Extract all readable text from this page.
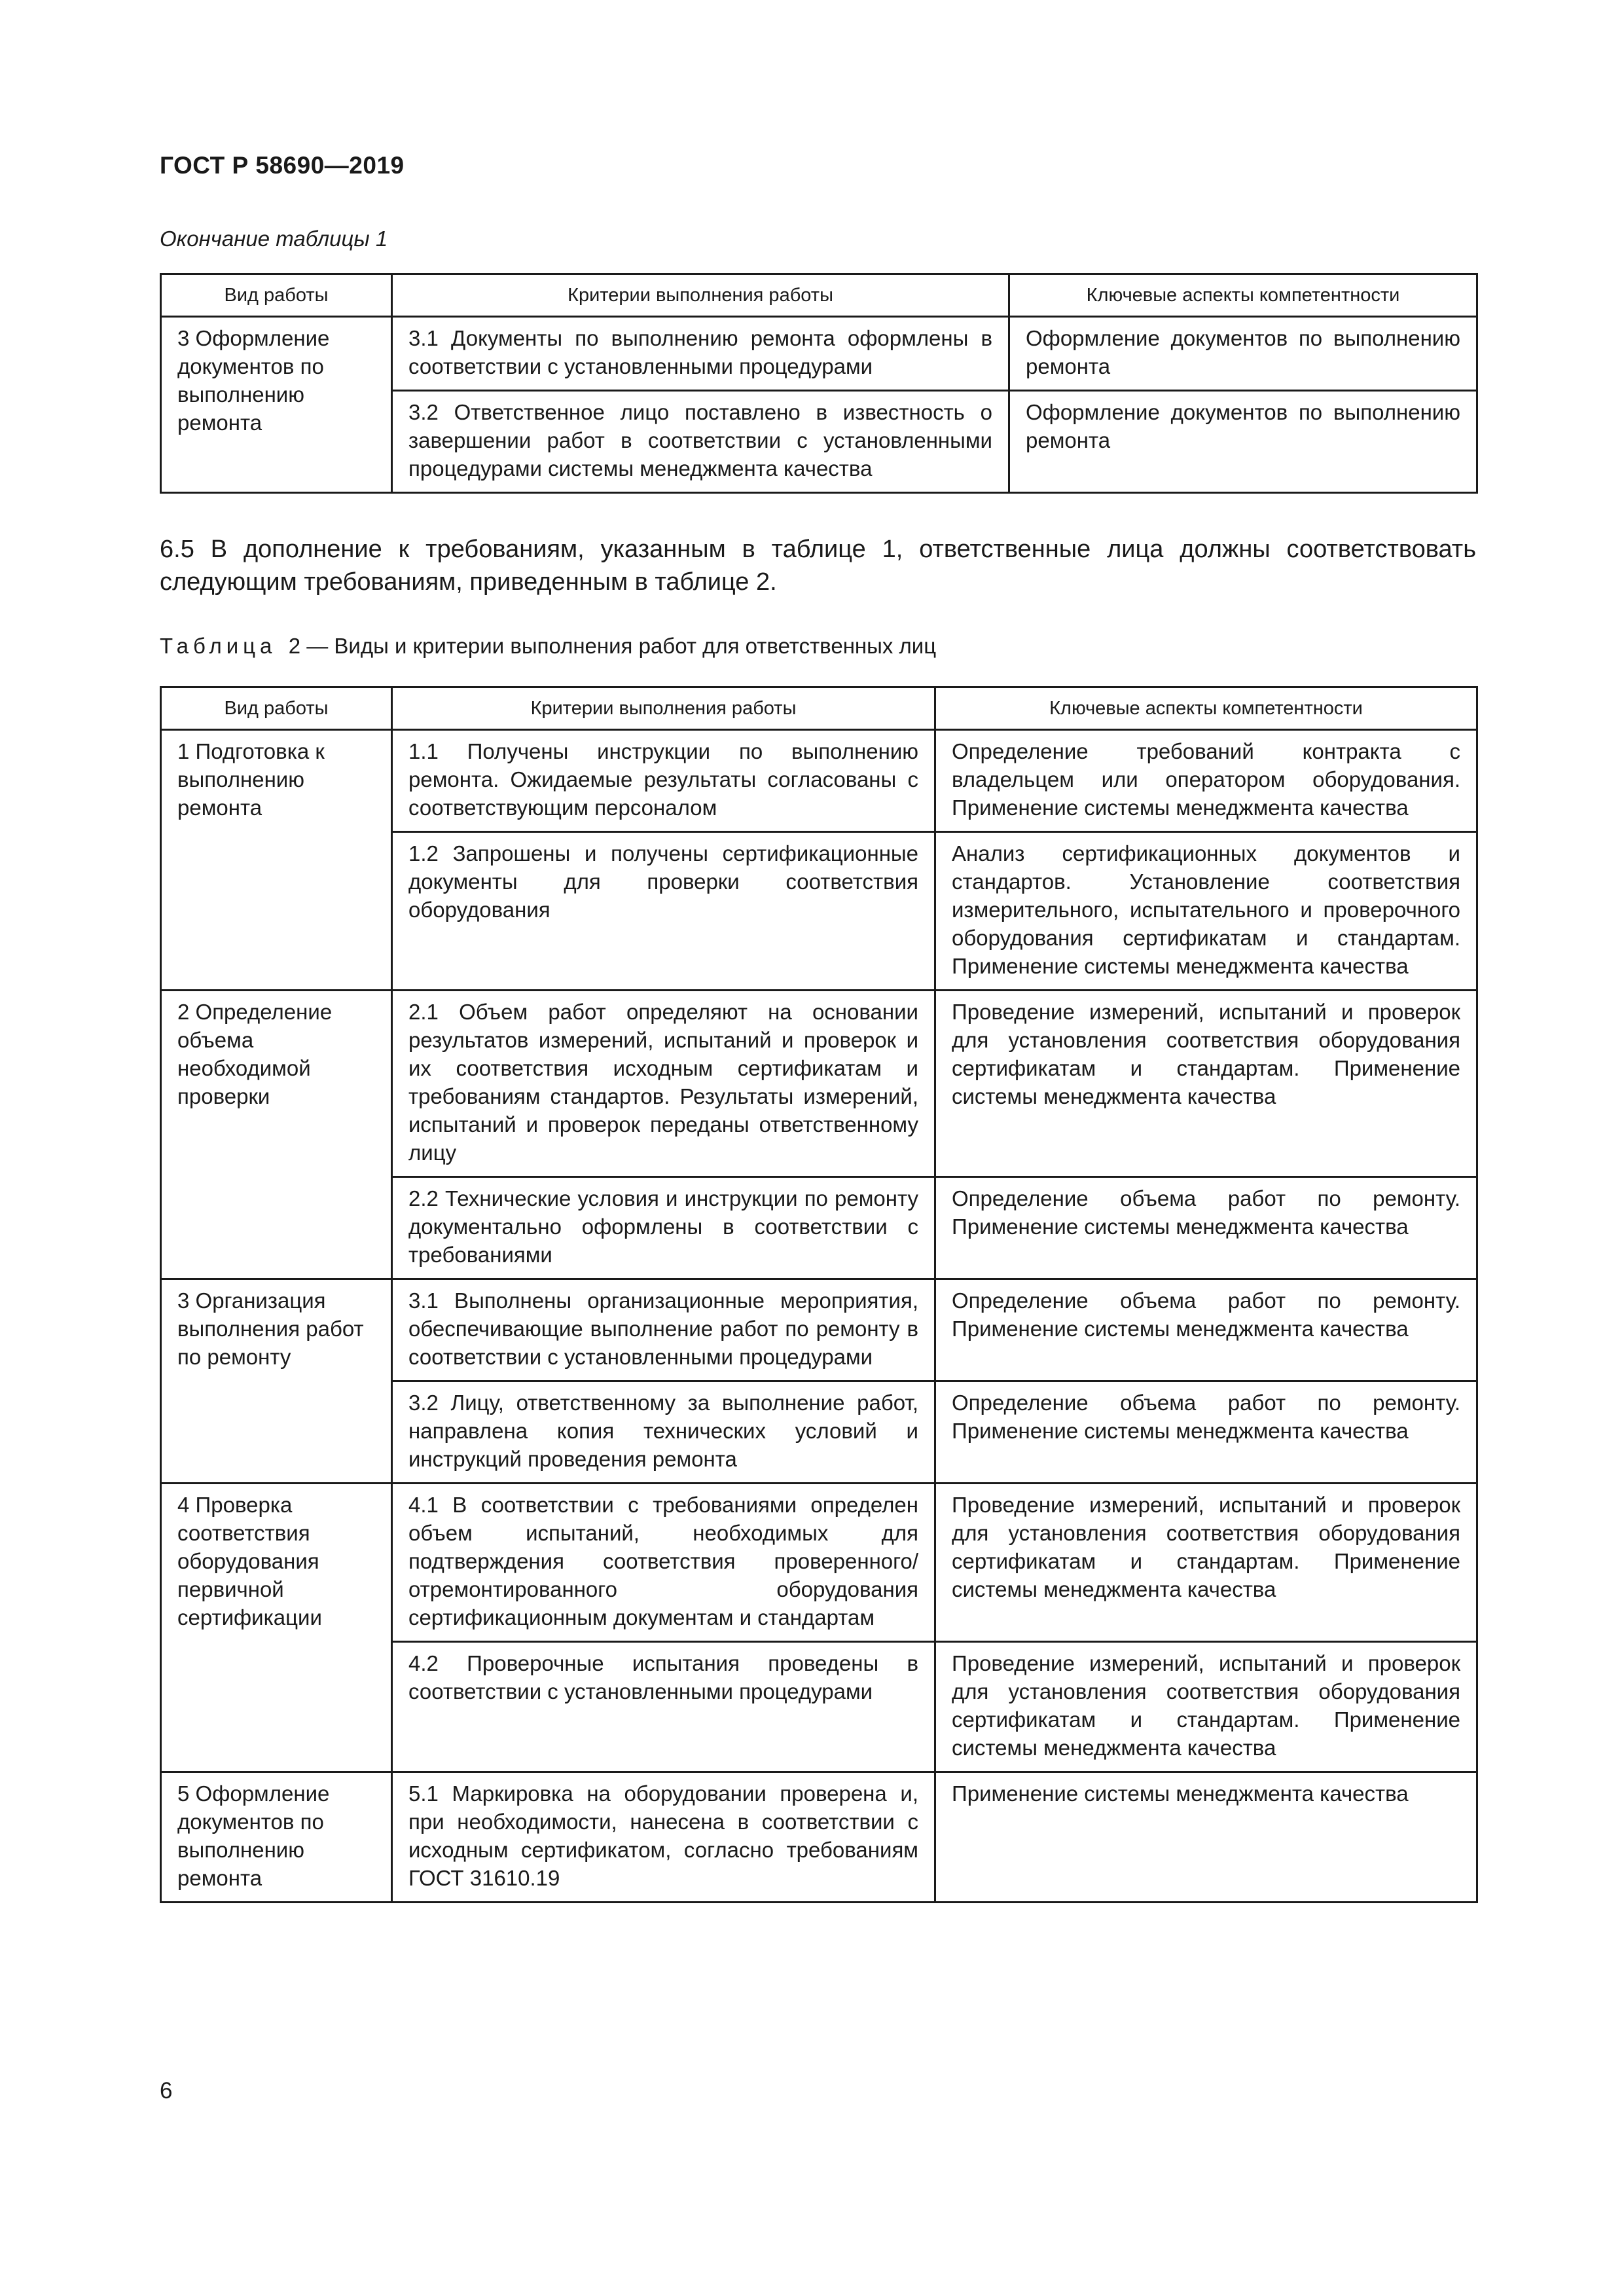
ГОСТ Р 58690—2019
Окончание таблицы 1
Вид работы	Критерии выполнения работы	Ключевые аспекты компетентности
3 Оформление документов по выполнению ремонта	3.1 Документы по выполнению ремонта оформлены в соответствии с установленными процедурами	Оформление документов по выполнению ремонта
	3.2 Ответственное лицо поставлено в известность о завершении работ в соответствии с установленными процедурами системы менеджмента качества	Оформление документов по выполнению ремонта
6.5 В дополнение к требованиям, указанным в таблице 1, ответственные лица должны соответствовать следующим требованиям, приведенным в таблице 2.
Таблица 2 — Виды и критерии выполнения работ для ответственных лиц
Вид работы	Критерии выполнения работы	Ключевые аспекты компетентности
1 Подготовка к выполнению ремонта	1.1 Получены инструкции по выполнению ремонта. Ожидаемые результаты согласованы с соответствующим персоналом	Определение требований контракта с владельцем или оператором оборудования. Применение системы менеджмента качества
	1.2 Запрошены и получены сертификационные документы для проверки соответствия оборудования	Анализ сертификационных документов и стандартов. Установление соответствия измерительного, испытательного и проверочного оборудования сертификатам и стандартам. Применение системы менеджмента качества
2 Определение объема необходимой проверки	2.1 Объем работ определяют на основании результатов измерений, испытаний и проверок и их соответствия исходным сертификатам и требованиям стандартов. Результаты измерений, испытаний и проверок переданы ответственному лицу	Проведение измерений, испытаний и проверок для установления соответствия оборудования сертификатам и стандартам. Применение системы менеджмента качества
	2.2 Технические условия и инструкции по ремонту документально оформлены в соответствии с требованиями	Определение объема работ по ремонту. Применение системы менеджмента качества
3 Организация выполнения работ по ремонту	3.1 Выполнены организационные мероприятия, обеспечивающие выполнение работ по ремонту в соответствии с установленными процедурами	Определение объема работ по ремонту. Применение системы менеджмента качества
	3.2 Лицу, ответственному за выполнение работ, направлена копия технических условий и инструкций проведения ремонта	Определение объема работ по ремонту. Применение системы менеджмента качества
4 Проверка соответствия оборудования первичной сертификации	4.1 В соответствии с требованиями определен объем испытаний, необходимых для подтверждения соответствия проверенного/отремонтированного оборудования сертификационным документам и стандартам	Проведение измерений, испытаний и проверок для установления соответствия оборудования сертификатам и стандартам. Применение системы менеджмента качества
	4.2 Проверочные испытания проведены в соответствии с установленными процедурами	Проведение измерений, испытаний и проверок для установления соответствия оборудования сертификатам и стандартам. Применение системы менеджмента качества
5 Оформление документов по выполнению ремонта	5.1 Маркировка на оборудовании проверена и, при необходимости, нанесена в соответствии с исходным сертификатом, согласно требованиям ГОСТ 31610.19	Применение системы менеджмента качества
6
